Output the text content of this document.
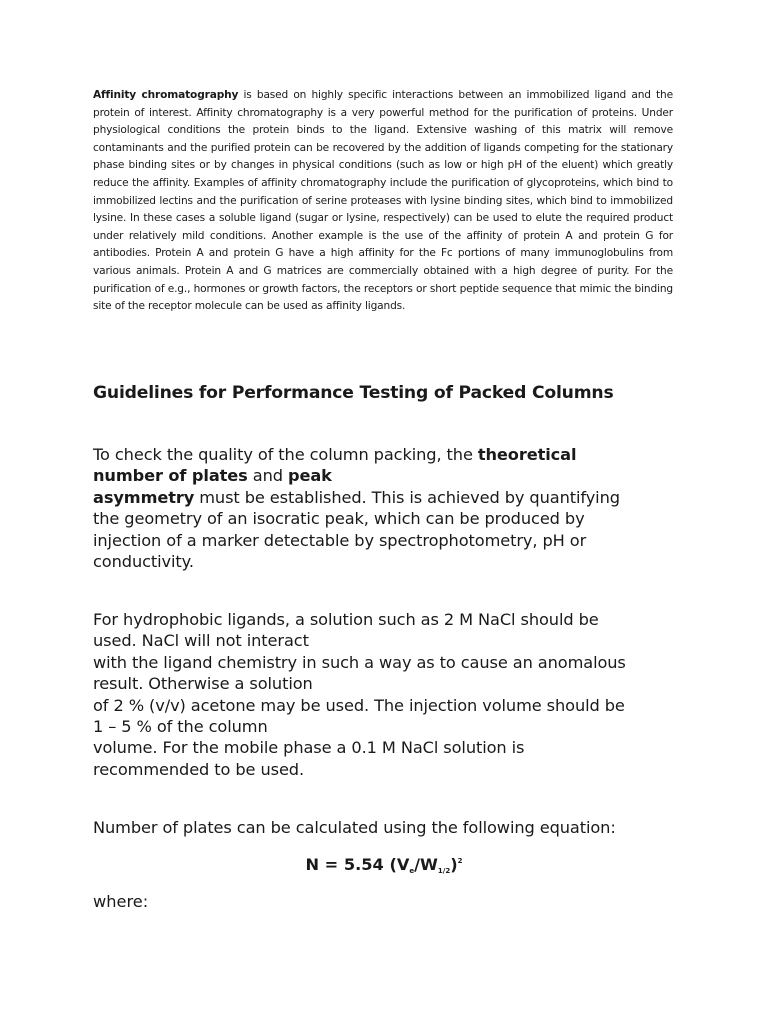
Affinity chromatography is based on highly specific interactions between an immobilized ligand and the protein of interest. Affinity chromatography is a very powerful method for the purification of proteins. Under physiological conditions the protein binds to the ligand. Extensive washing of this matrix will remove contaminants and the purified protein can be recovered by the addition of ligands competing for the stationary phase binding sites or by changes in physical conditions (such as low or high pH of the eluent) which greatly reduce the affinity. Examples of affinity chromatography include the purification of glycoproteins, which bind to immobilized lectins and the purification of serine proteases with lysine binding sites, which bind to immobilized lysine. In these cases a soluble ligand (sugar or lysine, respectively) can be used to elute the required product under relatively mild conditions. Another example is the use of the affinity of protein A and protein G for antibodies. Protein A and protein G have a high affinity for the Fc portions of many immunoglobulins from various animals. Protein A and G matrices are commercially obtained with a high degree of purity. For the purification of e.g., hormones or growth factors, the receptors or short peptide sequence that mimic the binding site of the receptor molecule can be used as affinity ligands.

Guidelines for Performance Testing of Packed Columns

To check the quality of the column packing, the theoretical
number of plates and peak
asymmetry must be established. This is achieved by quantifying
the geometry of an isocratic peak, which can be produced by
injection of a marker detectable by spectrophotometry, pH or
conductivity.

For hydrophobic ligands, a solution such as 2 M NaCl should be
used. NaCl will not interact
with the ligand chemistry in such a way as to cause an anomalous
result. Otherwise a solution
of 2 % (v/v) acetone may be used. The injection volume should be
1 – 5 % of the column
volume. For the mobile phase a 0.1 M NaCl solution is
recommended to be used.

Number of plates can be calculated using the following equation:

N = 5.54 $(V_e/W_{1/2})^2$

where:
